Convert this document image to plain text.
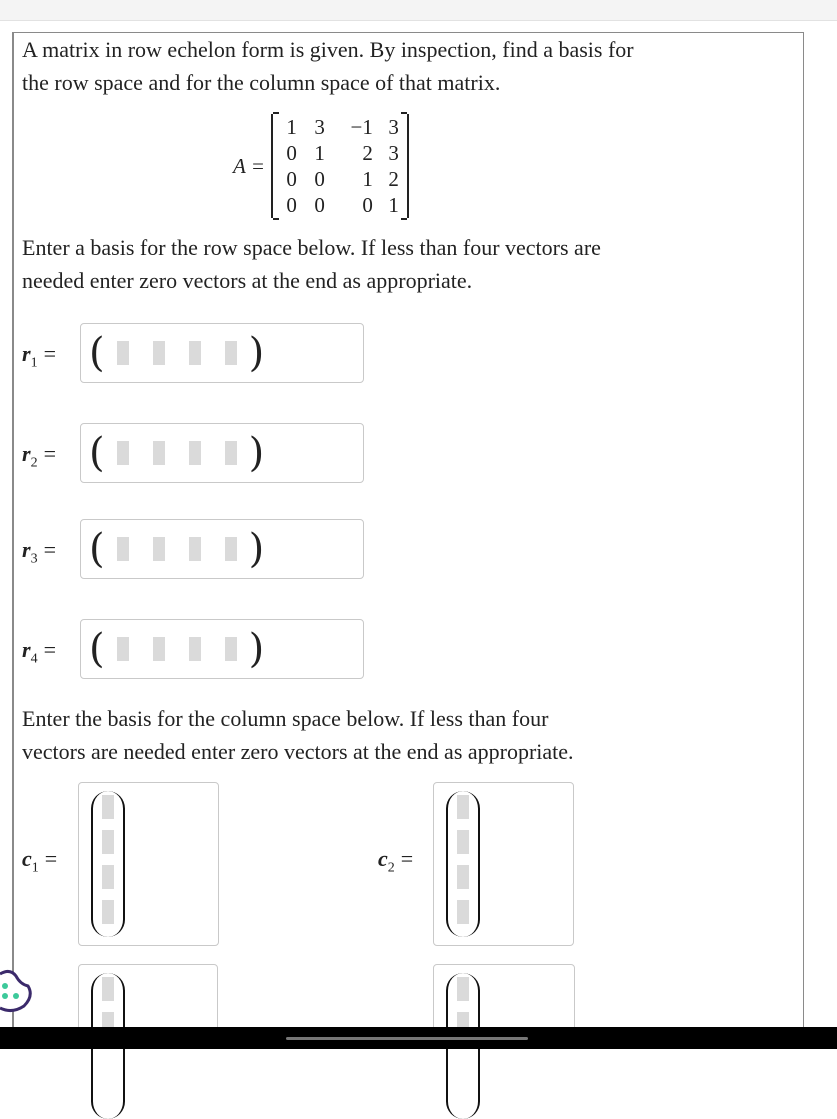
A matrix in row echelon form is given. By inspection, find a basis for
the row space and for the column space of that matrix.
A =
1 3	−1 3
0 1	2 3
0 0	1 2
0 0	0 1
Enter a basis for the row space below. If less than four vectors are
needed enter zero vectors at the end as appropriate.
$r_1$ = (	)
$r_2$ = (	)
$r_3$ = (	)
$r_4$ = (	)
Enter the basis for the column space below. If less than four
vectors are needed enter zero vectors at the end as appropriate.
$c_1$ =	$c_2$ =
